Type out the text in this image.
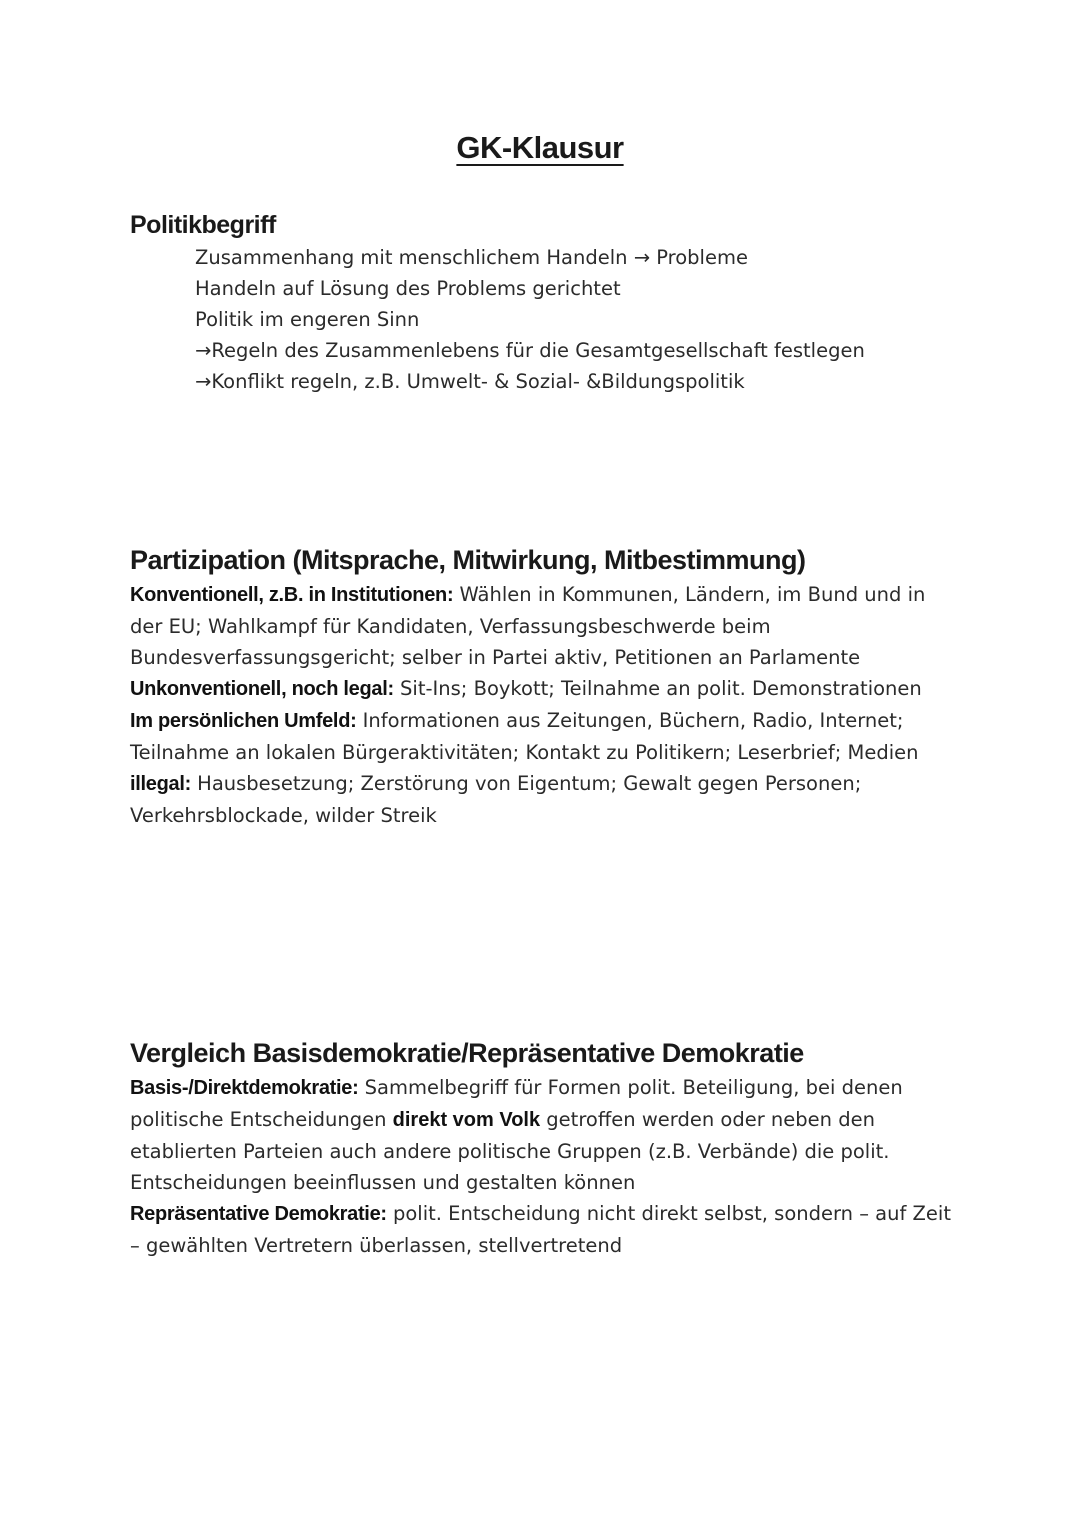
GK-Klausur
Politikbegriff
Zusammenhang mit menschlichem Handeln → Probleme
Handeln auf Lösung des Problems gerichtet
Politik im engeren Sinn
→Regeln des Zusammenlebens für die Gesamtgesellschaft festlegen
→Konflikt regeln, z.B. Umwelt- & Sozial- &Bildungspolitik
Partizipation (Mitsprache, Mitwirkung, Mitbestimmung)
Konventionell, z.B. in Institutionen: Wählen in Kommunen, Ländern, im Bund und in der EU; Wahlkampf für Kandidaten, Verfassungsbeschwerde beim Bundesverfassungsgericht; selber in Partei aktiv, Petitionen an Parlamente
Unkonventionell, noch legal: Sit-Ins; Boykott; Teilnahme an polit. Demonstrationen
Im persönlichen Umfeld: Informationen aus Zeitungen, Büchern, Radio, Internet; Teilnahme an lokalen Bürgeraktivitäten; Kontakt zu Politikern; Leserbrief; Medien
illegal: Hausbesetzung; Zerstörung von Eigentum; Gewalt gegen Personen; Verkehrsblockade, wilder Streik
Vergleich Basisdemokratie/Repräsentative Demokratie
Basis-/Direktdemokratie: Sammelbegriff für Formen polit. Beteiligung, bei denen politische Entscheidungen direkt vom Volk getroffen werden oder neben den etablierten Parteien auch andere politische Gruppen (z.B. Verbände) die polit. Entscheidungen beeinflussen und gestalten können
Repräsentative Demokratie: polit. Entscheidung nicht direkt selbst, sondern – auf Zeit – gewählten Vertretern überlassen, stellvertretend
